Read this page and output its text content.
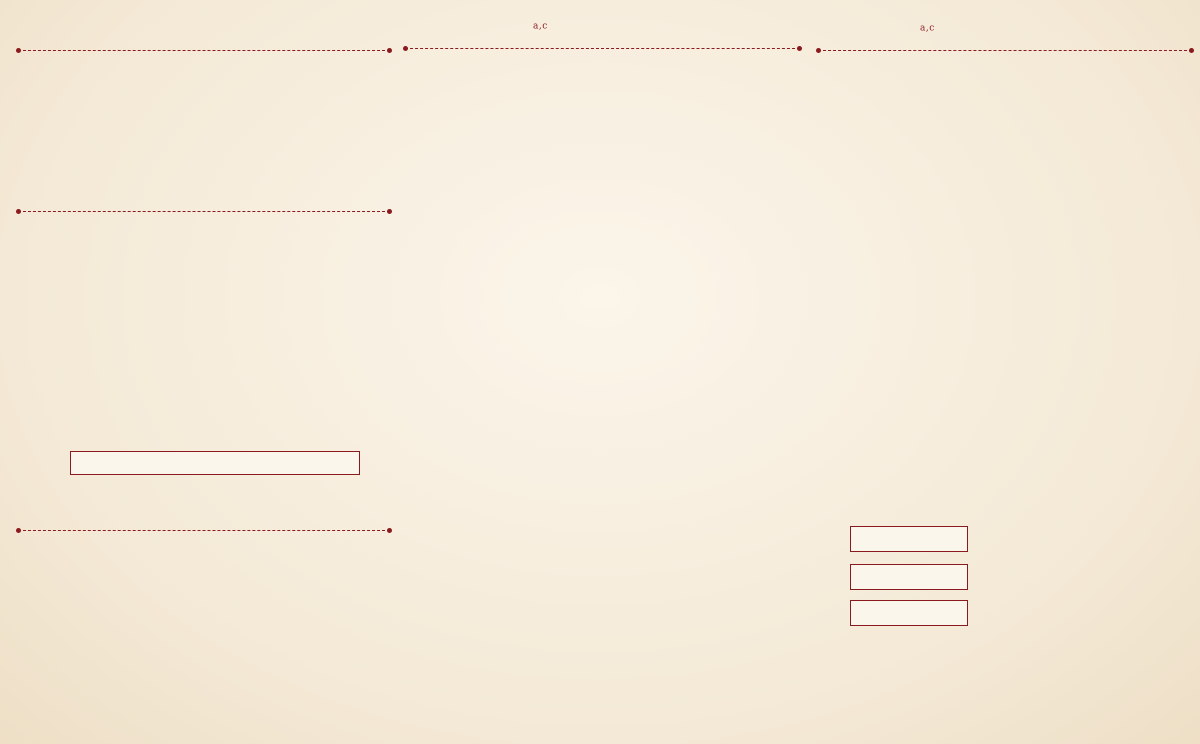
$^{a,c}$	$^{a,c}$
